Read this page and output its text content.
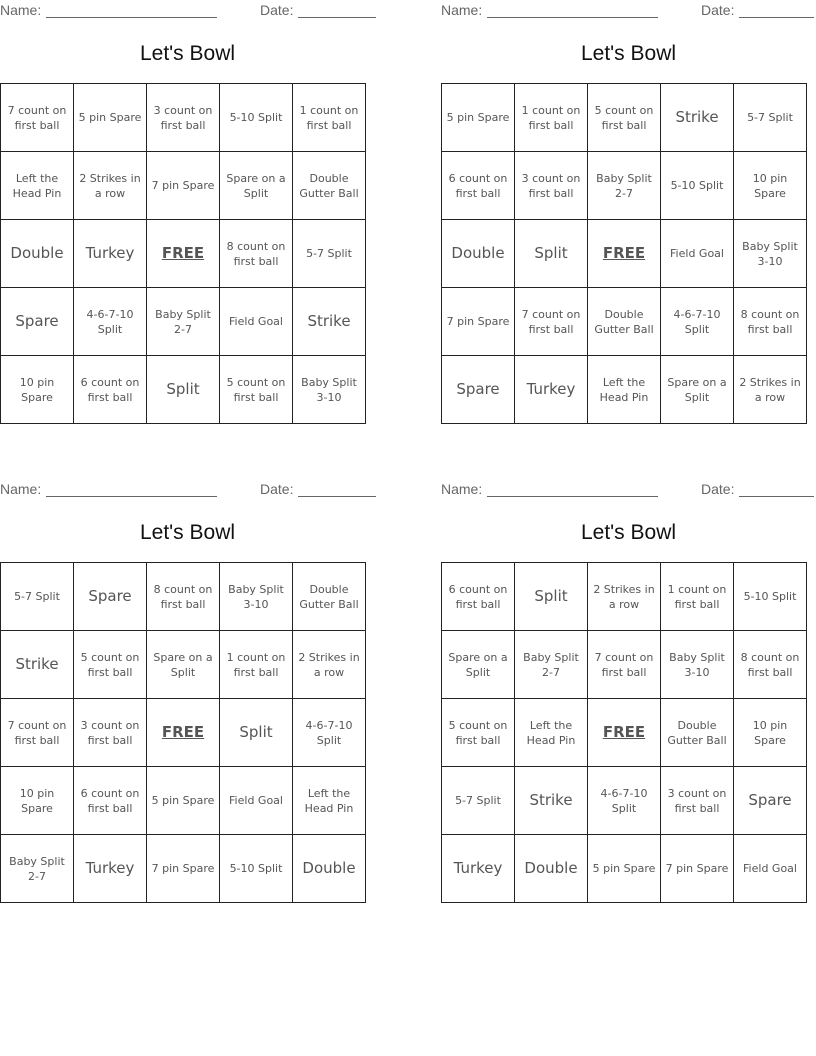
Name:	Date:
Let's Bowl
7 count on first ball	5 pin Spare	3 count on first ball	5-10 Split	1 count on first ball
Left the Head Pin	2 Strikes in a row	7 pin Spare	Spare on a Split	Double Gutter Ball
Double	Turkey	FREE	8 count on first ball	5-7 Split
Spare	4-6-7-10 Split	Baby Split 2-7	Field Goal	Strike
10 pin Spare	6 count on first ball	Split	5 count on first ball	Baby Split 3-10
Name:	Date:
Let's Bowl
5 pin Spare	1 count on first ball	5 count on first ball	Strike	5-7 Split
6 count on first ball	3 count on first ball	Baby Split 2-7	5-10 Split	10 pin Spare
Double	Split	FREE	Field Goal	Baby Split 3-10
7 pin Spare	7 count on first ball	Double Gutter Ball	4-6-7-10 Split	8 count on first ball
Spare	Turkey	Left the Head Pin	Spare on a Split	2 Strikes in a row
Name:	Date:
Let's Bowl
5-7 Split	Spare	8 count on first ball	Baby Split 3-10	Double Gutter Ball
Strike	5 count on first ball	Spare on a Split	1 count on first ball	2 Strikes in a row
7 count on first ball	3 count on first ball	FREE	Split	4-6-7-10 Split
10 pin Spare	6 count on first ball	5 pin Spare	Field Goal	Left the Head Pin
Baby Split 2-7	Turkey	7 pin Spare	5-10 Split	Double
Name:	Date:
Let's Bowl
6 count on first ball	Split	2 Strikes in a row	1 count on first ball	5-10 Split
Spare on a Split	Baby Split 2-7	7 count on first ball	Baby Split 3-10	8 count on first ball
5 count on first ball	Left the Head Pin	FREE	Double Gutter Ball	10 pin Spare
5-7 Split	Strike	4-6-7-10 Split	3 count on first ball	Spare
Turkey	Double	5 pin Spare	7 pin Spare	Field Goal
